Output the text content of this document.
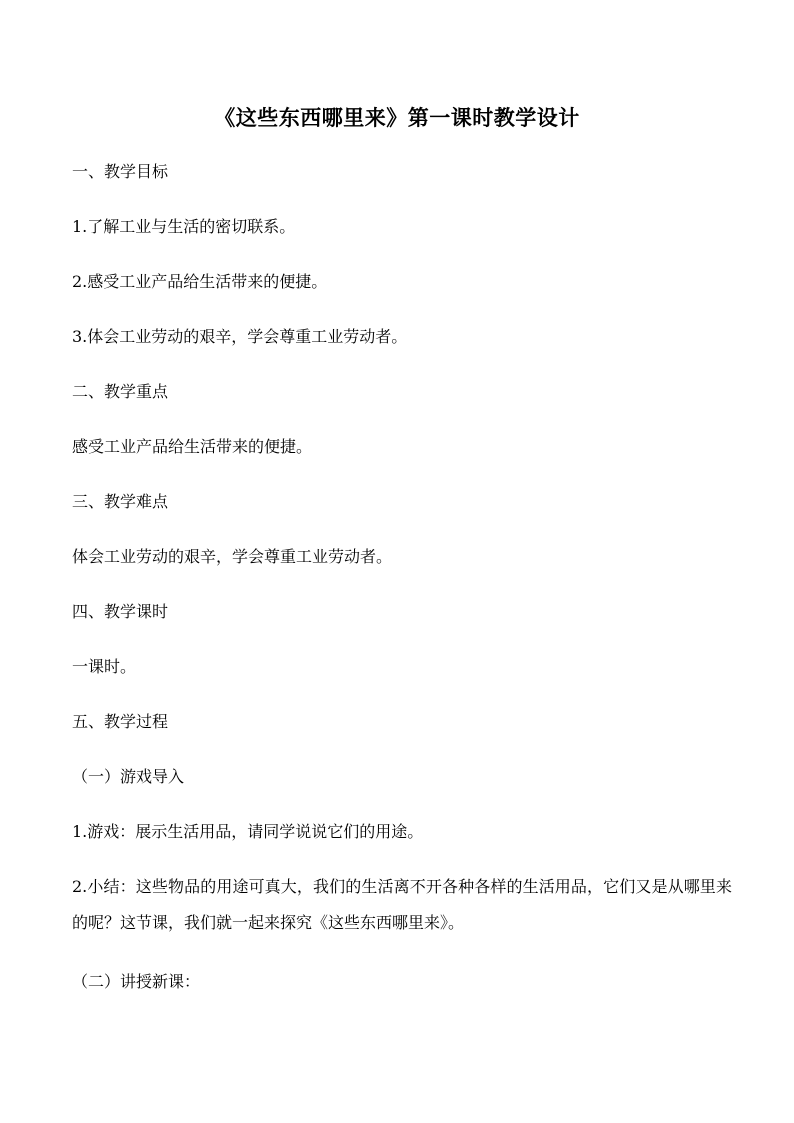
《这些东西哪里来》第一课时教学设计
一、教学目标
1.了解工业与生活的密切联系。
2.感受工业产品给生活带来的便捷。
3.体会工业劳动的艰辛，学会尊重工业劳动者。
二、教学重点
感受工业产品给生活带来的便捷。
三、教学难点
体会工业劳动的艰辛，学会尊重工业劳动者。
四、教学课时
一课时。
五、教学过程
（一）游戏导入
1.游戏：展示生活用品，请同学说说它们的用途。
2.小结：这些物品的用途可真大，我们的生活离不开各种各样的生活用品，它们又是从哪里来的呢？这节课，我们就一起来探究《这些东西哪里来》。
（二）讲授新课：
